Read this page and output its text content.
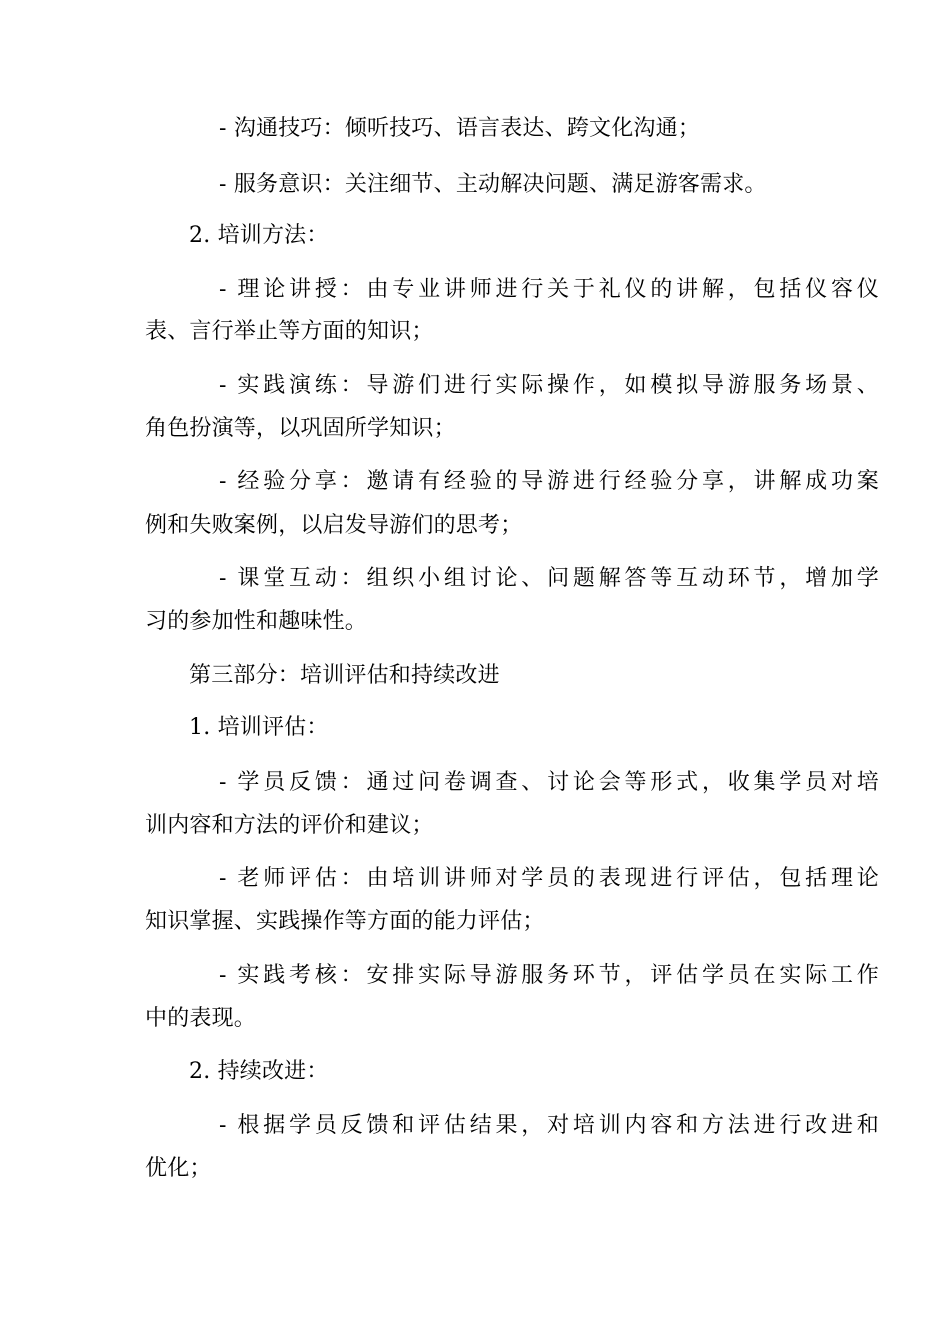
- 沟通技巧：倾听技巧、语言表达、跨文化沟通；

- 服务意识：关注细节、主动解决问题、满足游客需求。

2. 培训方法：

- 理论讲授：由专业讲师进行关于礼仪的讲解，包括仪容仪

表、言行举止等方面的知识；

- 实践演练：导游们进行实际操作，如模拟导游服务场景、

角色扮演等，以巩固所学知识；

- 经验分享：邀请有经验的导游进行经验分享，讲解成功案

例和失败案例，以启发导游们的思考；

- 课堂互动：组织小组讨论、问题解答等互动环节，增加学

习的参加性和趣味性。

第三部分：培训评估和持续改进

1. 培训评估：

- 学员反馈：通过问卷调查、讨论会等形式，收集学员对培

训内容和方法的评价和建议；

- 老师评估：由培训讲师对学员的表现进行评估，包括理论

知识掌握、实践操作等方面的能力评估；

- 实践考核：安排实际导游服务环节，评估学员在实际工作

中的表现。

2. 持续改进：

- 根据学员反馈和评估结果，对培训内容和方法进行改进和

优化；
